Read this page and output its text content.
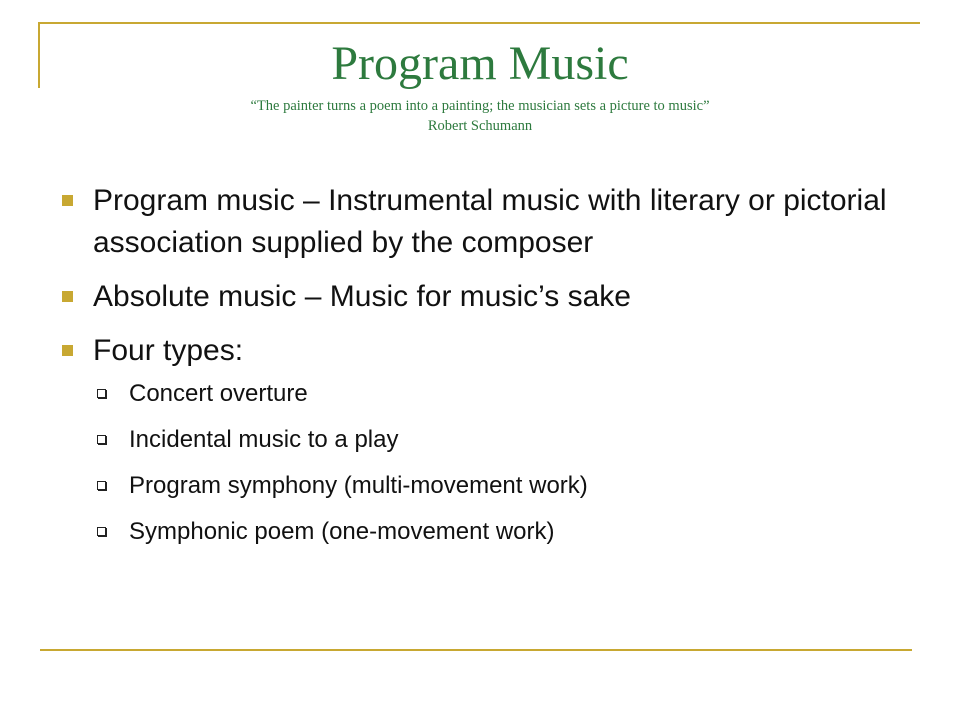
Program Music
“The painter turns a poem into a painting; the musician sets a picture to music”
Robert Schumann
Program music – Instrumental music with literary or pictorial association supplied by the composer
Absolute music – Music for music’s sake
Four types:
Concert overture
Incidental music to a play
Program symphony (multi-movement work)
Symphonic poem (one-movement work)
